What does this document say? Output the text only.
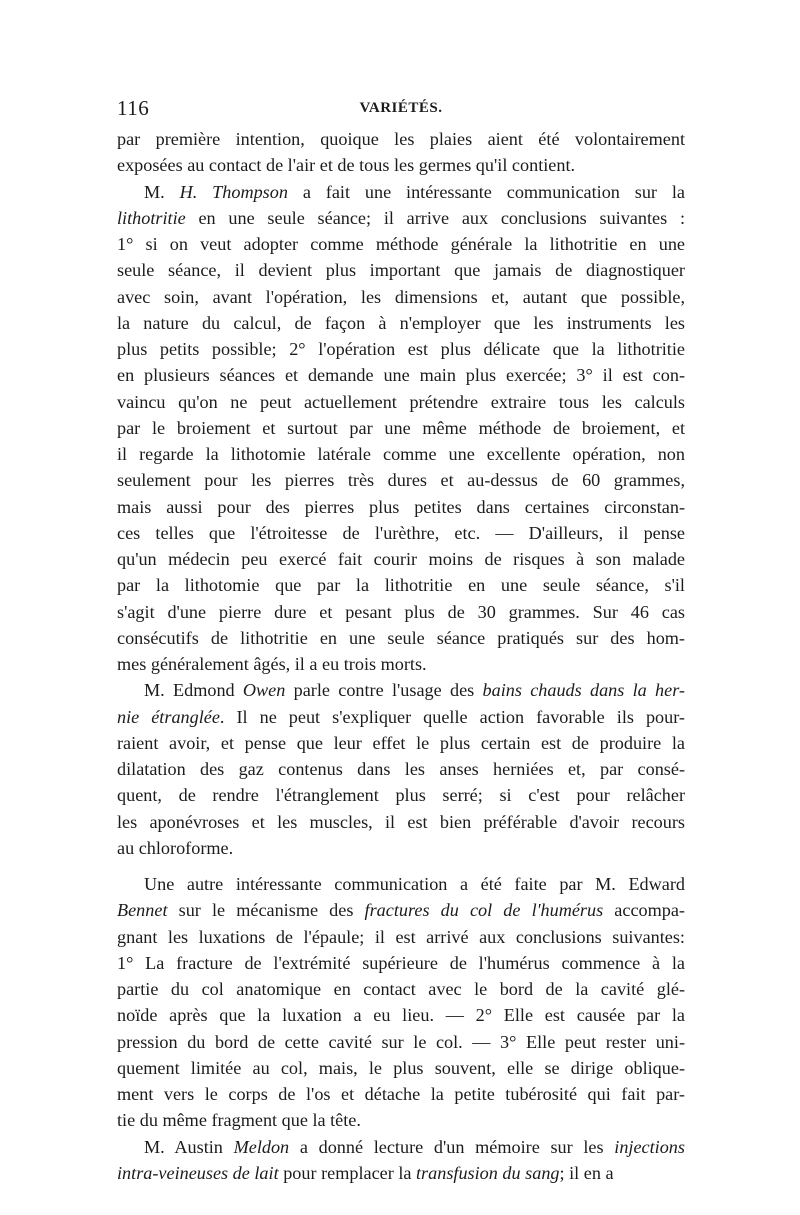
116	VARIÉTÉS.
par première intention, quoique les plaies aient été volontairement
exposées au contact de l'air et de tous les germes qu'il contient.
M. H. Thompson a fait une intéressante communication sur la
lithotritie en une seule séance; il arrive aux conclusions suivantes :
1° si on veut adopter comme méthode générale la lithotritie en une
seule séance, il devient plus important que jamais de diagnostiquer
avec soin, avant l'opération, les dimensions et, autant que possible,
la nature du calcul, de façon à n'employer que les instruments les
plus petits possible; 2° l'opération est plus délicate que la lithotritie
en plusieurs séances et demande une main plus exercée; 3° il est con-
vaincu qu'on ne peut actuellement prétendre extraire tous les calculs
par le broiement et surtout par une même méthode de broiement, et
il regarde la lithotomie latérale comme une excellente opération, non
seulement pour les pierres très dures et au-dessus de 60 grammes,
mais aussi pour des pierres plus petites dans certaines circonstan-
ces telles que l'étroitesse de l'urèthre, etc. — D'ailleurs, il pense
qu'un médecin peu exercé fait courir moins de risques à son malade
par la lithotomie que par la lithotritie en une seule séance, s'il
s'agit d'une pierre dure et pesant plus de 30 grammes. Sur 46 cas
consécutifs de lithotritie en une seule séance pratiqués sur des hom-
mes généralement âgés, il a eu trois morts.
M. Edmond Owen parle contre l'usage des bains chauds dans la her-
nie étranglée. Il ne peut s'expliquer quelle action favorable ils pour-
raient avoir, et pense que leur effet le plus certain est de produire la
dilatation des gaz contenus dans les anses herniées et, par consé-
quent, de rendre l'étranglement plus serré; si c'est pour relâcher
les aponévroses et les muscles, il est bien préférable d'avoir recours
au chloroforme.
Une autre intéressante communication a été faite par M. Edward
Bennet sur le mécanisme des fractures du col de l'humérus accompa-
gnant les luxations de l'épaule; il est arrivé aux conclusions suivantes:
1° La fracture de l'extrémité supérieure de l'humérus commence à la
partie du col anatomique en contact avec le bord de la cavité glé-
noïde après que la luxation a eu lieu. — 2° Elle est causée par la
pression du bord de cette cavité sur le col. — 3° Elle peut rester uni-
quement limitée au col, mais, le plus souvent, elle se dirige oblique-
ment vers le corps de l'os et détache la petite tubérosité qui fait par-
tie du même fragment que la tête.
M. Austin Meldon a donné lecture d'un mémoire sur les injections
intra-veineuses de lait pour remplacer la transfusion du sang; il en a
